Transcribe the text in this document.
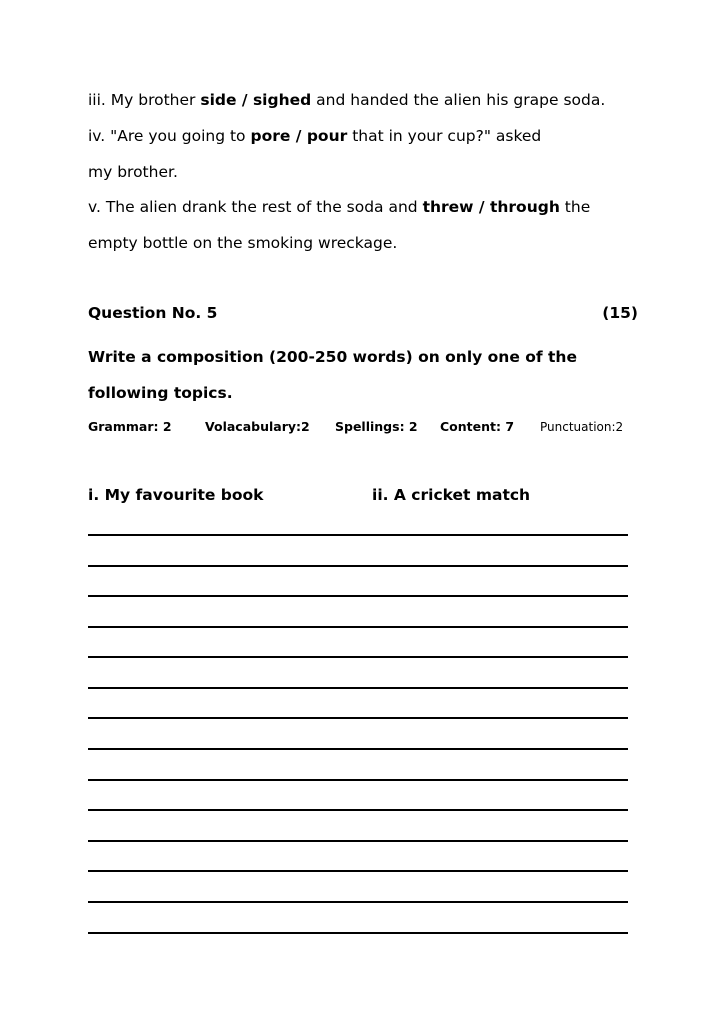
iii. My brother side / sighed and handed the alien his grape soda.
iv. "Are you going to pore / pour that in your cup?" asked
my brother.
v. The alien drank the rest of the soda and threw / through the
empty bottle on the smoking wreckage.
Question No. 5	(15)
Write a composition (200-250 words) on only one of the
following topics.
Grammar: 2	Volacabulary:2 Spellings: 2 Content: 7 Punctuation:2
i. My favourite book	ii. A cricket match
